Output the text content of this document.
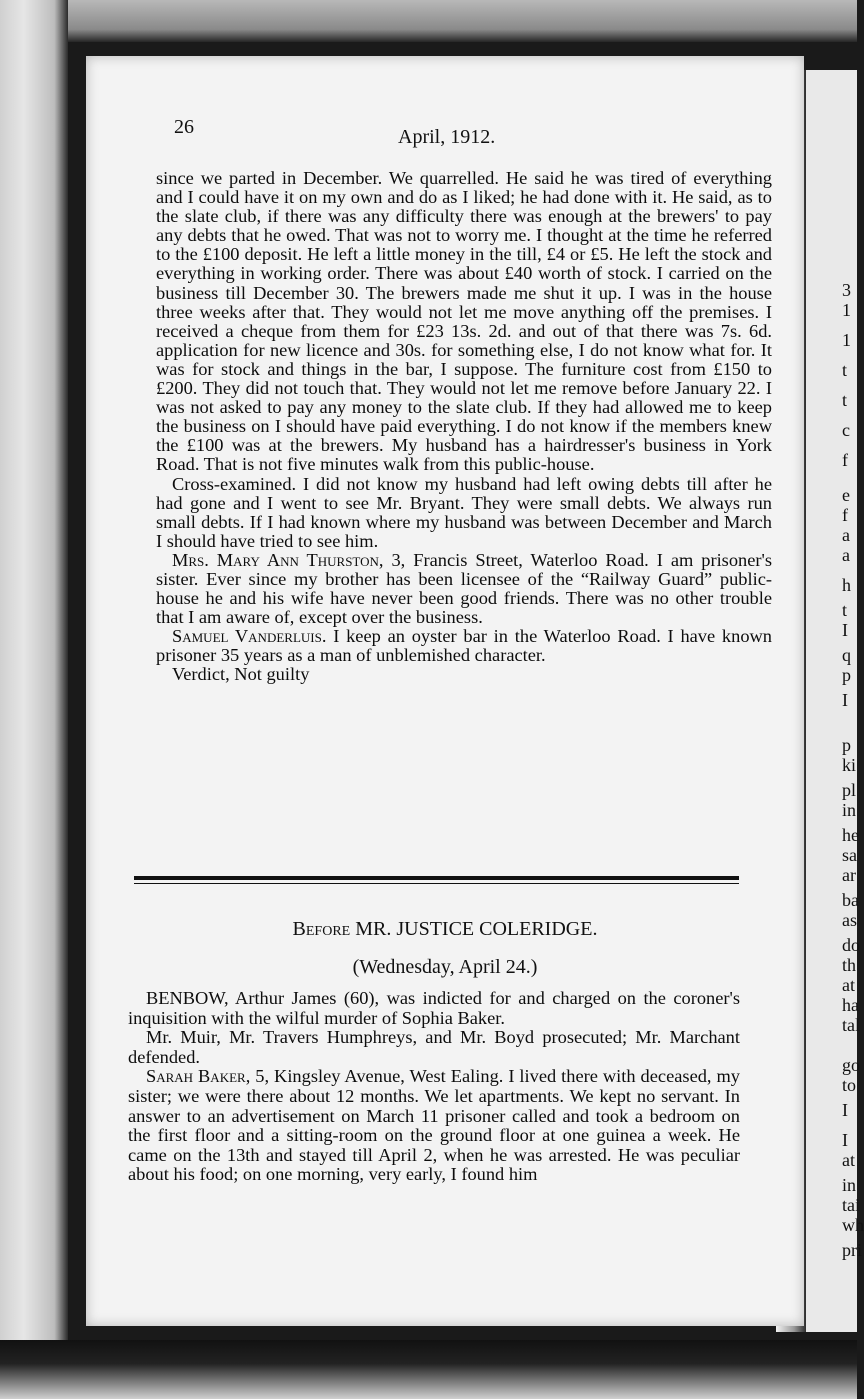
3
1
1
t
t
c
f
e
f
a
a
h
t
I
q
p
I
p
ki
pl
in
he
sa
ar
ba
as
do
th
at
ha
tal
go
to
I
I
at
in
tai
wh
pri
26	April, 1912.

since we parted in December. We quarrelled. He said he was tired of everything and I could have it on my own and do as I liked; he had done with it. He said, as to the slate club, if there was any difficulty there was enough at the brewers' to pay any debts that he owed. That was not to worry me. I thought at the time he referred to the £100 deposit. He left a little money in the till, £4 or £5. He left the stock and everything in working order. There was about £40 worth of stock. I carried on the business till December 30. The brewers made me shut it up. I was in the house three weeks after that. They would not let me move anything off the premises. I received a cheque from them for £23 13s. 2d. and out of that there was 7s. 6d. application for new licence and 30s. for something else, I do not know what for. It was for stock and things in the bar, I suppose. The furniture cost from £150 to £200. They did not touch that. They would not let me remove before January 22. I was not asked to pay any money to the slate club. If they had allowed me to keep the business on I should have paid everything. I do not know if the members knew the £100 was at the brewers. My husband has a hairdresser's business in York Road. That is not five minutes walk from this public-house.

Cross-examined. I did not know my husband had left owing debts till after he had gone and I went to see Mr. Bryant. They were small debts. We always run small debts. If I had known where my husband was between December and March I should have tried to see him.

Mrs. Mary Ann Thurston, 3, Francis Street, Waterloo Road. I am prisoner's sister. Ever since my brother has been licensee of the “Railway Guard” public-house he and his wife have never been good friends. There was no other trouble that I am aware of, except over the business.

Samuel Vanderluis. I keep an oyster bar in the Waterloo Road. I have known prisoner 35 years as a man of unblemished character.

Verdict, Not guilty

Before MR. JUSTICE COLERIDGE.
(Wednesday, April 24.)

BENBOW, Arthur James (60), was indicted for and charged on the coroner's inquisition with the wilful murder of Sophia Baker.

Mr. Muir, Mr. Travers Humphreys, and Mr. Boyd prosecuted; Mr. Marchant defended.

Sarah Baker, 5, Kingsley Avenue, West Ealing. I lived there with deceased, my sister; we were there about 12 months. We let apartments. We kept no servant. In answer to an advertisement on March 11 prisoner called and took a bedroom on the first floor and a sitting-room on the ground floor at one guinea a week. He came on the 13th and stayed till April 2, when he was arrested. He was peculiar about his food; on one morning, very early, I found him
